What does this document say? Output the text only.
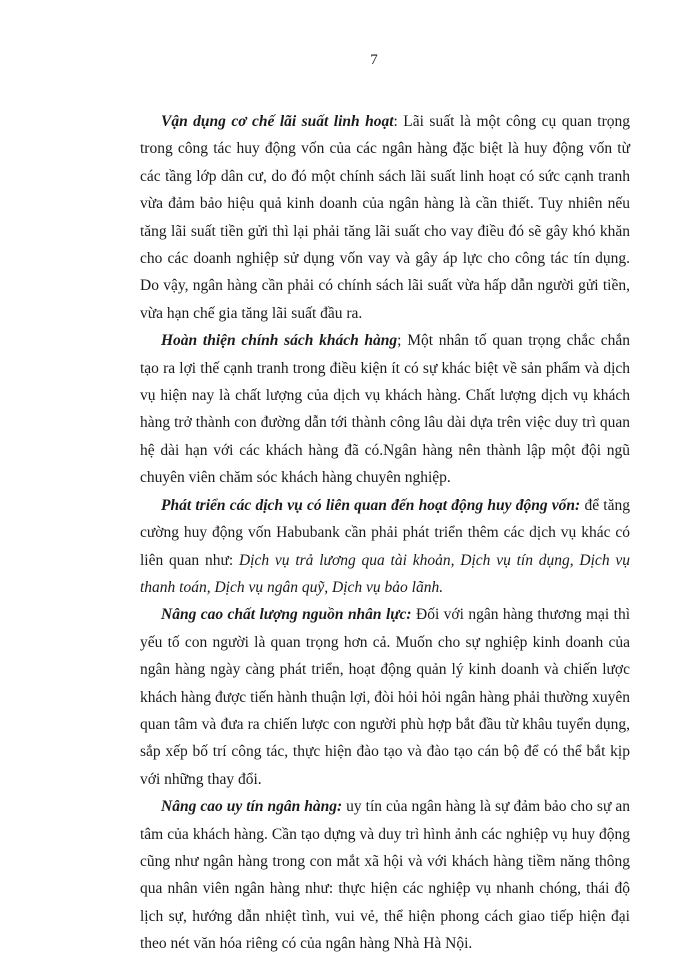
7

Vận dụng cơ chế lãi suất linh hoạt: Lãi suất là một công cụ quan trọng trong công tác huy động vốn của các ngân hàng đặc biệt là huy động vốn từ các tầng lớp dân cư, do đó một chính sách lãi suất linh hoạt có sức cạnh tranh vừa đảm bảo hiệu quả kinh doanh của ngân hàng là cần thiết. Tuy nhiên nếu tăng lãi suất tiền gửi thì lại phải tăng lãi suất cho vay điều đó sẽ gây khó khăn cho các doanh nghiệp sử dụng vốn vay và gây áp lực cho công tác tín dụng. Do vậy, ngân hàng cần phải có chính sách lãi suất vừa hấp dẫn người gửi tiền, vừa hạn chế gia tăng lãi suất đầu ra.

Hoàn thiện chính sách khách hàng; Một nhân tố quan trọng chắc chắn tạo ra lợi thế cạnh tranh trong điều kiện ít có sự khác biệt về sản phẩm và dịch vụ hiện nay là chất lượng của dịch vụ khách hàng. Chất lượng dịch vụ khách hàng trở thành con đường dẫn tới thành công lâu dài dựa trên việc duy trì quan hệ dài hạn với các khách hàng đã có.Ngân hàng nên thành lập một đội ngũ chuyên viên chăm sóc khách hàng chuyên nghiệp.

Phát triển các dịch vụ có liên quan đến hoạt động huy động vốn: để tăng cường huy động vốn Habubank cần phải phát triển thêm các dịch vụ khác có liên quan như: Dịch vụ trả lương qua tài khoản, Dịch vụ tín dụng, Dịch vụ thanh toán, Dịch vụ ngân quỹ, Dịch vụ bảo lãnh.

Nâng cao chất lượng nguồn nhân lực: Đối với ngân hàng thương mại thì yếu tố con người là quan trọng hơn cả. Muốn cho sự nghiệp kinh doanh của ngân hàng ngày càng phát triển, hoạt động quản lý kinh doanh và chiến lược khách hàng được tiến hành thuận lợi, đòi hỏi hỏi ngân hàng phải thường xuyên quan tâm và đưa ra chiến lược con người phù hợp bắt đầu từ khâu tuyển dụng, sắp xếp bố trí công tác, thực hiện đào tạo và đào tạo cán bộ để có thể bắt kịp với những thay đổi.

Nâng cao uy tín ngân hàng: uy tín của ngân hàng là sự đảm bảo cho sự an tâm của khách hàng. Cần tạo dựng và duy trì hình ảnh các nghiệp vụ huy động cũng như ngân hàng trong con mắt xã hội và với khách hàng tiềm năng thông qua nhân viên ngân hàng như: thực hiện các nghiệp vụ nhanh chóng, thái độ lịch sự, hướng dẫn nhiệt tình, vui vẻ, thể hiện phong cách giao tiếp hiện đại theo nét văn hóa riêng có của ngân hàng Nhà Hà Nội.
